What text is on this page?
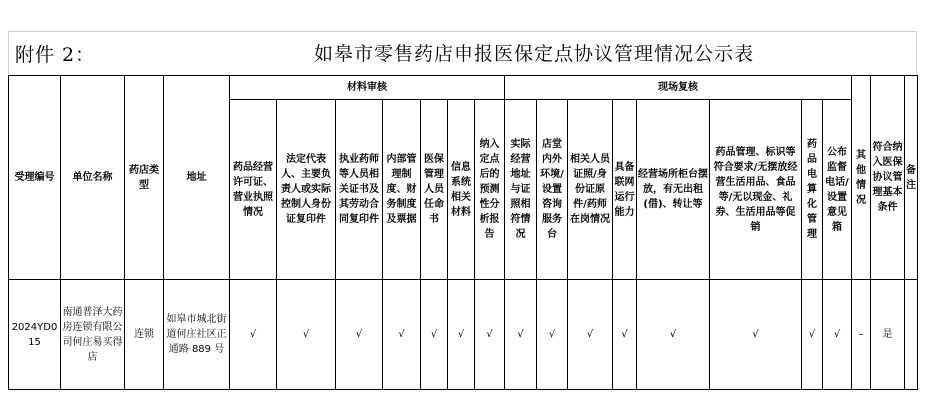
附件 2：	如皋市零售药店申报医保定点协议管理情况公示表
受理编号	单位名称	药店类型	地址	材料审核							现场复核								其他情况	符合纳入医保协议管理基本条件	备注
				药品经营许可证、营业执照情况	法定代表人、主要负责人或实际控制人身份证复印件	执业药师等人员相关证书及其劳动合同复印件	内部管理制度、财务制度及票据	医保管理人员任命书	信息系统相关材料	纳入定点后的预测性分析报告	实际经营地址与证照相符情况	店堂内外环境/设置咨询服务台	相关人员证照/身份证原件/药师在岗情况	具备联网运行能力	经营场所柜台摆放，有无出租(借)、转让等	药品管理、标识等符合要求/无摆放经营生活用品、食品等/无以现金、礼券、生活用品等促销	药品电算化管理	公布监督电话/设置意见箱			
2024YD015	南通普泽大药房连锁有限公司何庄易买得店	连锁	如皋市城北街道何庄社区正通路 889 号	√	√	√	√	√	√	√	√	√	√	√	√	√	√	√	–	是	
